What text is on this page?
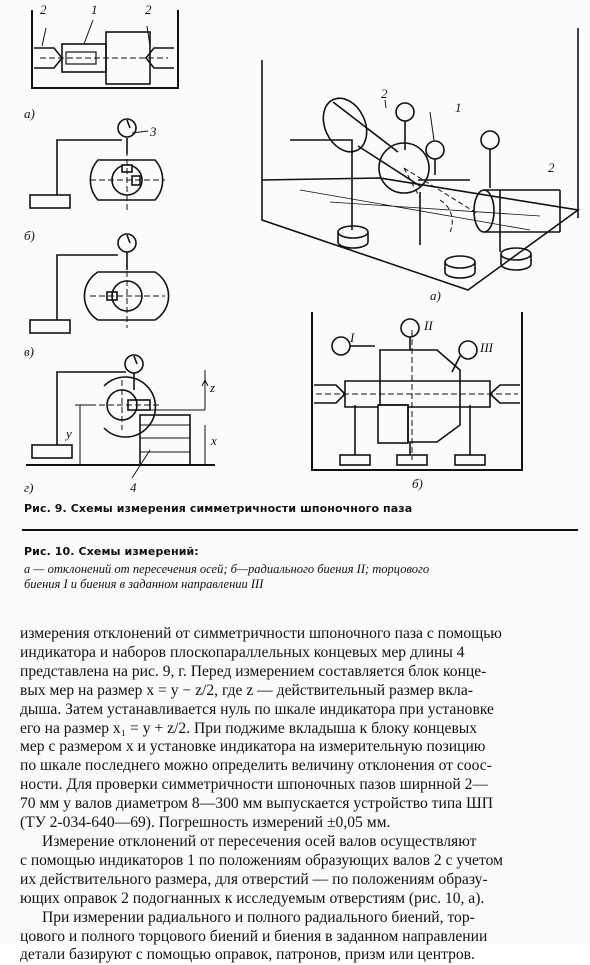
2	1	2
3
4
x
y
z
а)
б)
в)
г)
2
1
2
I
II
III
а)
б)
Рис. 9. Схемы измерения симметричности шпоночного паза
Рис. 10. Схемы измерений:
а — отклонений от пересечения осей; б—радиального биения II; торцового
биения I и биения в заданном направлении III
измерения отклонений от симметричности шпоночного паза с помощью
индикатора и наборов плоскопараллельных концевых мер длины 4
представлена на рис. 9, г. Перед измерением составляется блок конце-
вых мер на размер x = y − z/2, где z — действительный размер вкла-
дыша. Затем устанавливается нуль по шкале индикатора при установке
его на размер x₁ = y + z/2. При поджиме вкладыша к блоку концевых
мер с размером x и установке индикатора на измерительную позицию
по шкале последнего можно определить величину отклонения от соос-
ности. Для проверки симметричности шпоночных пазов ширнной 2—
70 мм у валов диаметром 8—300 мм выпускается устройство типа ШП
(ТУ 2-034-640—69). Погрешность измерений ±0,05 мм.
Измерение отклонений от пересечения осей валов осуществляют
с помощью индикаторов 1 по положениям образующих валов 2 с учетом
их действительного размера, для отверстий — по положениям образу-
ющих оправок 2 подогнанных к исследуемым отверстиям (рис. 10, а).
При измерении радиального и полного радиального биений, тор-
цового и полного торцового биений и биения в заданном направлении
детали базируют с помощью оправок, патронов, призм или центров.
